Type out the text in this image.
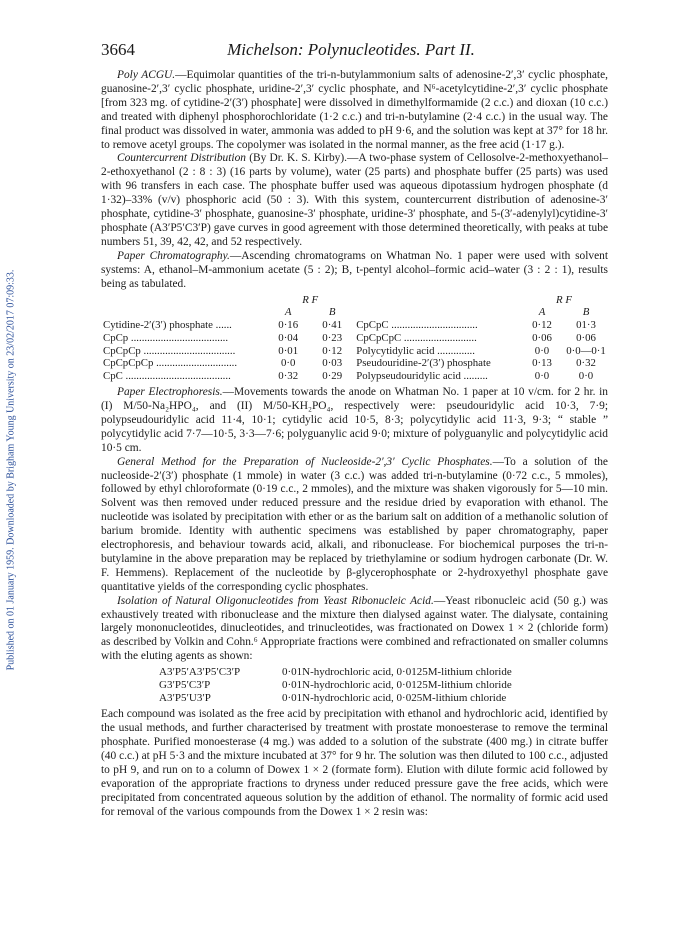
Published on 01 January 1959. Downloaded by Brigham Young University on 23/02/2017 07:09:33.
3664	Michelson: Polynucleotides. Part II.

Poly ACGU.—Equimolar quantities of the tri-n-butylammonium salts of adenosine-2′,3′ cyclic phosphate, guanosine-2′,3′ cyclic phosphate, uridine-2′,3′ cyclic phosphate, and N⁶-acetylcytidine-2′,3′ cyclic phosphate [from 323 mg. of cytidine-2′(3′) phosphate] were dissolved in dimethylformamide (2 c.c.) and dioxan (10 c.c.) and treated with diphenyl phosphorochloridate (1·2 c.c.) and tri-n-butylamine (2·4 c.c.) in the usual way. The final product was dissolved in water, ammonia was added to pH 9·6, and the solution was kept at 37° for 18 hr. to remove acetyl groups. The copolymer was isolated in the normal manner, as the free acid (1·17 g.).

Countercurrent Distribution (By Dr. K. S. Kirby).—A two-phase system of Cellosolve-2-methoxyethanol–2-ethoxyethanol (2 : 8 : 3) (16 parts by volume), water (25 parts) and phosphate buffer (25 parts) was used with 96 transfers in each case. The phosphate buffer used was aqueous dipotassium hydrogen phosphate (d 1·32)–33% (v/v) phosphoric acid (50 : 3). With this system, countercurrent distribution of adenosine-3′ phosphate, cytidine-3′ phosphate, guanosine-3′ phosphate, uridine-3′ phosphate, and 5-(3′-adenylyl)cytidine-3′ phosphate (A3′P5′C3′P) gave curves in good agreement with those determined theoretically, with peaks at tube numbers 51, 39, 42, 42, and 52 respectively.

Paper Chromatography.—Ascending chromatograms on Whatman No. 1 paper were used with solvent systems: A, ethanol–M-ammonium acetate (5 : 2); B, t-pentyl alcohol–formic acid–water (3 : 2 : 1), results being as tabulated.

	R F			R F	
	A	B		A	B
Cytidine-2′(3′) phosphate ......	0·16	0·41	CpCpC ................................	0·12	01·3
CpCp ....................................	0·04	0·23	CpCpCpC ...........................	0·06	0·06
CpCpCp ..................................	0·01	0·12	Polycytidylic acid ..............	0·0	0·0—0·1
CpCpCpCp ..............................	0·0	0·03	Pseudouridine-2′(3′) phosphate	0·13	0·32
CpC .......................................	0·32	0·29	Polypseudouridylic acid .........	0·0	0·0

Paper Electrophoresis.—Movements towards the anode on Whatman No. 1 paper at 10 v/cm. for 2 hr. in (I) M/50-Na₂HPO₄, and (II) M/50-KH₂PO₄, respectively were: pseudouridylic acid 10·3, 7·9; polypseudouridylic acid 11·4, 10·1; cytidylic acid 10·5, 8·3; polycytidylic acid 11·3, 9·3; “ stable ” polycytidylic acid 7·7—10·5, 3·3—7·6; polyguanylic acid 9·0; mixture of polyguanylic and polycytidylic acid 10·5 cm.

General Method for the Preparation of Nucleoside-2′,3′ Cyclic Phosphates.—To a solution of the nucleoside-2′(3′) phosphate (1 mmole) in water (3 c.c.) was added tri-n-butylamine (0·72 c.c., 5 mmoles), followed by ethyl chloroformate (0·19 c.c., 2 mmoles), and the mixture was shaken vigorously for 5—10 min. Solvent was then removed under reduced pressure and the residue dried by evaporation with ethanol. The nucleotide was isolated by precipitation with ether or as the barium salt on addition of a methanolic solution of barium bromide. Identity with authentic specimens was established by paper chromatography, paper electrophoresis, and behaviour towards acid, alkali, and ribonuclease. For biochemical purposes the tri-n-butylamine in the above preparation may be replaced by triethylamine or sodium hydrogen carbonate (Dr. W. F. Hemmens). Replacement of the nucleotide by β-glycerophosphate or 2-hydroxyethyl phosphate gave quantitative yields of the corresponding cyclic phosphates.

Isolation of Natural Oligonucleotides from Yeast Ribonucleic Acid.—Yeast ribonucleic acid (50 g.) was exhaustively treated with ribonuclease and the mixture then dialysed against water. The dialysate, containing largely mononucleotides, dinucleotides, and trinucleotides, was fractionated on Dowex 1 × 2 (chloride form) as described by Volkin and Cohn.⁶ Appropriate fractions were combined and refractionated on smaller columns with the eluting agents as shown:

A3′P5′A3′P5′C3′P	0·01N-hydrochloric acid, 0·0125M-lithium chloride
G3′P5′C3′P	0·01N-hydrochloric acid, 0·0125M-lithium chloride
A3′P5′U3′P	0·01N-hydrochloric acid, 0·025M-lithium chloride

Each compound was isolated as the free acid by precipitation with ethanol and hydrochloric acid, identified by the usual methods, and further characterised by treatment with prostate monoesterase to remove the terminal phosphate. Purified monoesterase (4 mg.) was added to a solution of the substrate (400 mg.) in citrate buffer (40 c.c.) at pH 5·3 and the mixture incubated at 37° for 9 hr. The solution was then diluted to 100 c.c., adjusted to pH 9, and run on to a column of Dowex 1 × 2 (formate form). Elution with dilute formic acid followed by evaporation of the appropriate fractions to dryness under reduced pressure gave the free acids, which were precipitated from concentrated aqueous solution by the addition of ethanol. The normality of formic acid used for removal of the various compounds from the Dowex 1 × 2 resin was:
